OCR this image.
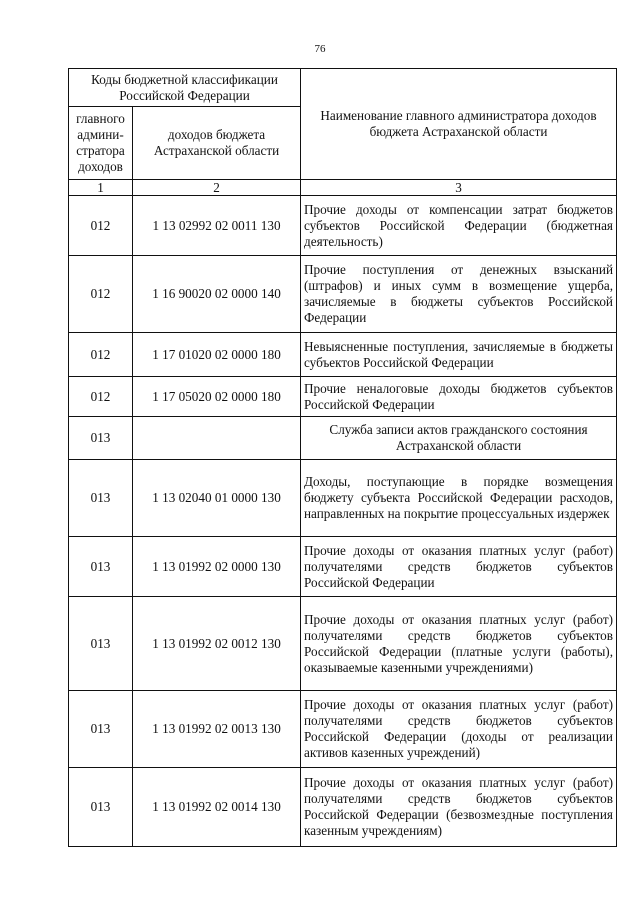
76
Коды бюджетной классификации Российской Федерации		Наименование главного администратора доходов бюджета Астраханской области
главного админи-стратора доходов	доходов бюджета Астраханской области	
1	2	3
012	1 13 02992 02 0011 130	Прочие доходы от компенсации затрат бюджетов субъектов Российской Федерации (бюджетная деятельность)
012	1 16 90020 02 0000 140	Прочие поступления от денежных взысканий (штрафов) и иных сумм в возмещение ущерба, зачисляемые в бюджеты субъектов Российской Федерации
012	1 17 01020 02 0000 180	Невыясненные поступления, зачисляемые в бюджеты субъектов Российской Федерации
012	1 17 05020 02 0000 180	Прочие неналоговые доходы бюджетов субъектов Российской Федерации
013		Служба записи актов гражданского состояния Астраханской области
013	1 13 02040 01 0000 130	Доходы, поступающие в порядке возмещения бюджету субъекта Российской Федерации расходов, направленных на покрытие процессуальных издержек
013	1 13 01992 02 0000 130	Прочие доходы от оказания платных услуг (работ) получателями средств бюджетов субъектов Российской Федерации
013	1 13 01992 02 0012 130	Прочие доходы от оказания платных услуг (работ) получателями средств бюджетов субъектов Российской Федерации (платные услуги (работы), оказываемые казенными учреждениями)
013	1 13 01992 02 0013 130	Прочие доходы от оказания платных услуг (работ) получателями средств бюджетов субъектов Российской Федерации (доходы от реализации активов казенных учреждений)
013	1 13 01992 02 0014 130	Прочие доходы от оказания платных услуг (работ) получателями средств бюджетов субъектов Российской Федерации (безвозмездные поступления казенным учреждениям)
